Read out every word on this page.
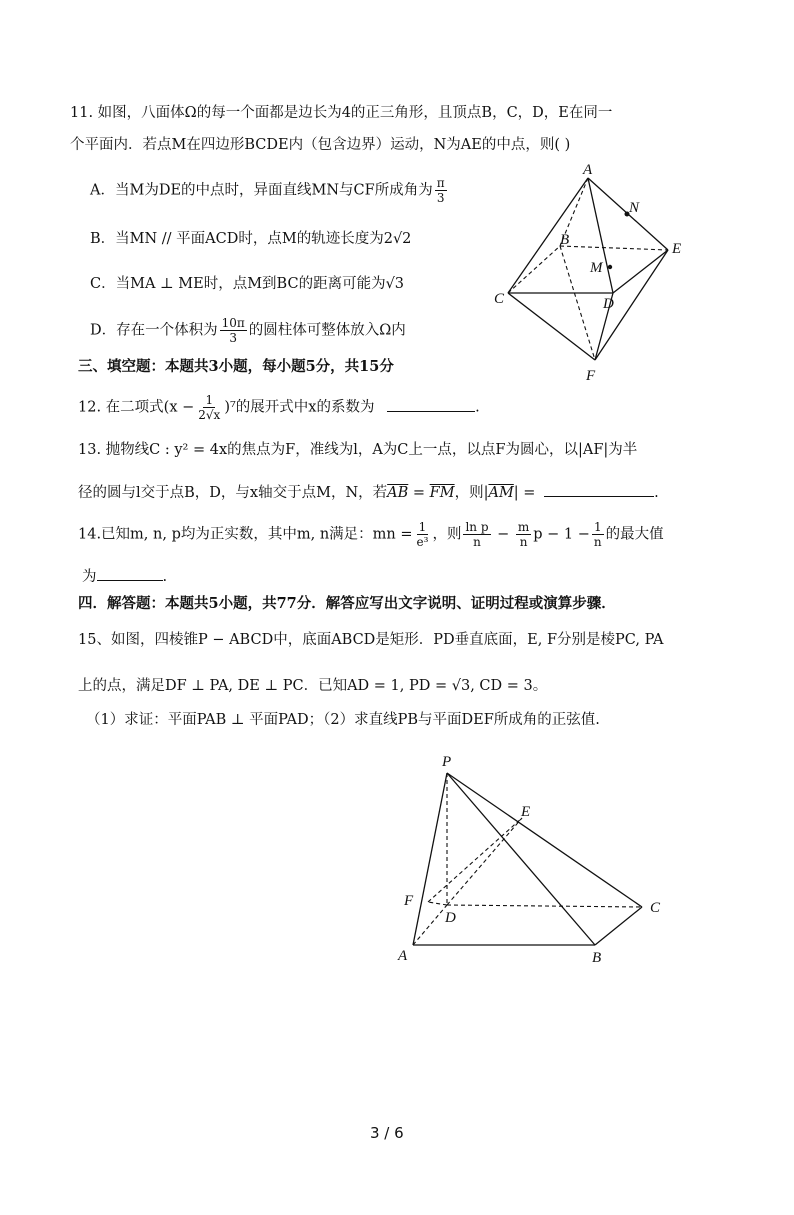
11. 如图，八面体Ω的每一个面都是边长为4的正三角形，且顶点B，C，D，E在同一
个平面内．若点M在四边形BCDE内（包含边界）运动，N为AE的中点，则( )
A．当M为DE的中点时，异面直线MN与CF所成角为 $\frac{\pi}{3}$
B．当MN // 平面ACD时，点M的轨迹长度为2√2
C．当MA ⊥ ME时，点M到BC的距离可能为√3
D．存在一个体积为 $\frac{10\pi}{3}$ 的圆柱体可整体放入Ω内
A
N
B
E
M
C	D
F
三、填空题：本题共3小题，每小题5分，共15分
12. 在二项式$(x - \frac{1}{2√x} )^7$的展开式中x的系数为	.
13. 抛物线C : y² = 4x的焦点为F，准线为l，A为C上一点，以点F为圆心，以|AF|为半
径的圆与l交于点B，D，与x轴交于点M，N，若$\overline{AB} = \overline{FM}$，则$|\overline{AM}|$ =	.
14.已知m, n, p均为正实数，其中m, n满足：mn = $\frac{1}{\text{e³}}$ ，则 $\frac{\text{ln p}}{n} - \frac{m}{n}$ $p - 1 - \frac{1}{n}$ 的最大值
为	.
四．解答题：本题共5小题，共77分．解答应写出文字说明、证明过程或演算步骤．
15、如图，四棱锥P − ABCD中，底面ABCD是矩形．PD垂直底面，E, F分别是棱PC, PA
上的点，满足DF ⊥ PA, DE ⊥ PC．已知AD = 1, PD = √3, CD = 3。
（1）求证：平面PAB ⊥ 平面PAD；（2）求直线PB与平面DEF所成角的正弦值.
P
E
F
D
C
A	B
3 / 6
